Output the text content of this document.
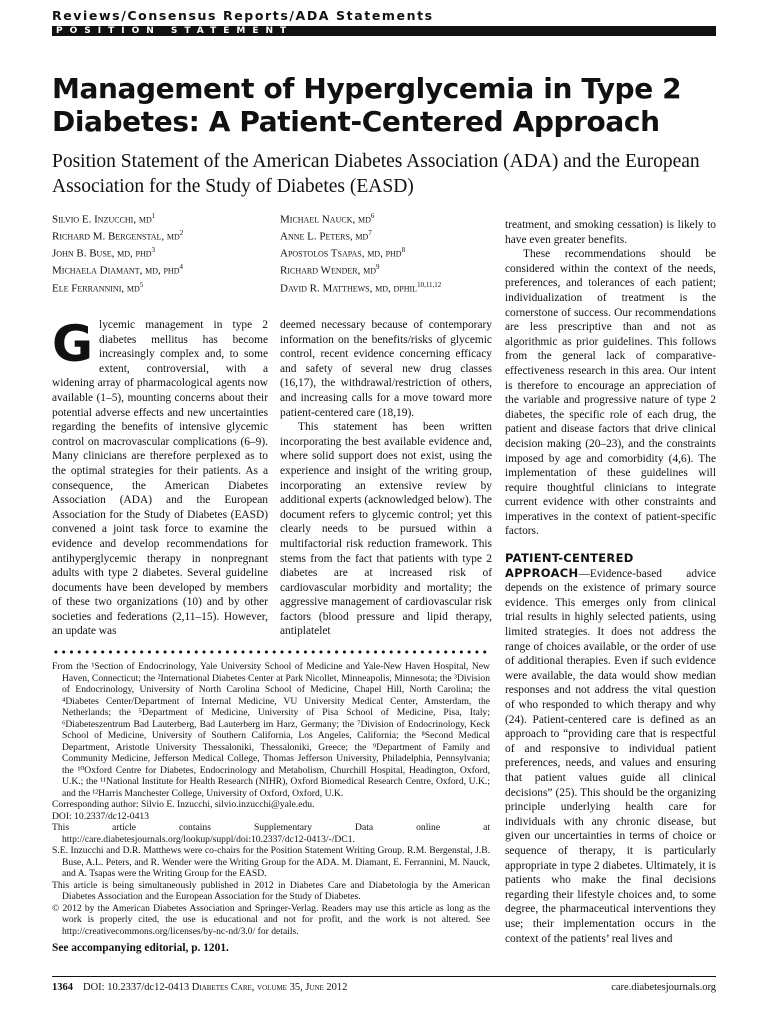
Reviews/Consensus Reports/ADA Statements
POSITION STATEMENT
Management of Hyperglycemia in Type 2 Diabetes: A Patient-Centered Approach

Position Statement of the American Diabetes Association (ADA) and the European Association for the Study of Diabetes (EASD)

Silvio E. Inzucchi, $md^1$
Richard M. Bergenstal, $md^2$
John B. Buse, md, phd$^3$
Michaela Diamant, md, phd$^4$
Ele Ferrannini, $md^5$
Michael Nauck, $md^6$
Anne L. Peters, $md^7$
Apostolos Tsapas, md, phd$^8$
Richard Wender, $md^9$
David R. Matthews, md, dphil$^{10,11,12}$

Glycemic management in type 2 diabetes mellitus has become increasingly complex and, to some extent, controversial, with a widening array of pharmacological agents now available (1–5), mounting concerns about their potential adverse effects and new uncertainties regarding the benefits of intensive glycemic control on macrovascular complications (6–9). Many clinicians are therefore perplexed as to the optimal strategies for their patients. As a consequence, the American Diabetes Association (ADA) and the European Association for the Study of Diabetes (EASD) convened a joint task force to examine the evidence and develop recommendations for antihyperglycemic therapy in nonpregnant adults with type 2 diabetes. Several guideline documents have been developed by members of these two organizations (10) and by other societies and federations (2,11–15). However, an update was

deemed necessary because of contemporary information on the benefits/risks of glycemic control, recent evidence concerning efficacy and safety of several new drug classes (16,17), the withdrawal/restriction of others, and increasing calls for a move toward more patient-centered care (18,19).

This statement has been written incorporating the best available evidence and, where solid support does not exist, using the experience and insight of the writing group, incorporating an extensive review by additional experts (acknowledged below). The document refers to glycemic control; yet this clearly needs to be pursued within a multifactorial risk reduction framework. This stems from the fact that patients with type 2 diabetes are at increased risk of cardiovascular morbidity and mortality; the aggressive management of cardiovascular risk factors (blood pressure and lipid therapy, antiplatelet

treatment, and smoking cessation) is likely to have even greater benefits.

These recommendations should be considered within the context of the needs, preferences, and tolerances of each patient; individualization of treatment is the cornerstone of success. Our recommendations are less prescriptive than and not as algorithmic as prior guidelines. This follows from the general lack of comparative-effectiveness research in this area. Our intent is therefore to encourage an appreciation of the variable and progressive nature of type 2 diabetes, the specific role of each drug, the patient and disease factors that drive clinical decision making (20–23), and the constraints imposed by age and comorbidity (4,6). The implementation of these guidelines will require thoughtful clinicians to integrate current evidence with other constraints and imperatives in the context of patient-specific factors.

PATIENT-CENTERED

APPROACH—Evidence-based advice depends on the existence of primary source evidence. This emerges only from clinical trial results in highly selected patients, using limited strategies. It does not address the range of choices available, or the order of use of additional therapies. Even if such evidence were available, the data would show median responses and not address the vital question of who responded to which therapy and why (24). Patient-centered care is defined as an approach to “providing care that is respectful of and responsive to individual patient preferences, needs, and values and ensuring that patient values guide all clinical decisions” (25). This should be the organizing principle underlying health care for individuals with any chronic disease, but given our uncertainties in terms of choice or sequence of therapy, it is particularly appropriate in type 2 diabetes. Ultimately, it is patients who make the final decisions regarding their lifestyle choices and, to some degree, the pharmaceutical interventions they use; their implementation occurs in the context of the patients’ real lives and

From the ¹Section of Endocrinology, Yale University School of Medicine and Yale-New Haven Hospital, New Haven, Connecticut; the ²International Diabetes Center at Park Nicollet, Minneapolis, Minnesota; the ³Division of Endocrinology, University of North Carolina School of Medicine, Chapel Hill, North Carolina; the ⁴Diabetes Center/Department of Internal Medicine, VU University Medical Center, Amsterdam, the Netherlands; the ⁵Department of Medicine, University of Pisa School of Medicine, Pisa, Italy; ⁶Diabeteszentrum Bad Lauterberg, Bad Lauterberg im Harz, Germany; the ⁷Division of Endocrinology, Keck School of Medicine, University of Southern California, Los Angeles, California; the ⁸Second Medical Department, Aristotle University Thessaloniki, Thessaloniki, Greece; the ⁹Department of Family and Community Medicine, Jefferson Medical College, Thomas Jefferson University, Philadelphia, Pennsylvania; the ¹⁰Oxford Centre for Diabetes, Endocrinology and Metabolism, Churchill Hospital, Headington, Oxford, U.K.; the ¹¹National Institute for Health Research (NIHR), Oxford Biomedical Research Centre, Oxford, U.K.; and the ¹²Harris Manchester College, University of Oxford, Oxford, U.K.

Corresponding author: Silvio E. Inzucchi, silvio.inzucchi@yale.edu.

DOI: 10.2337/dc12-0413

This article contains Supplementary Data online at http://care.diabetesjournals.org/lookup/suppl/doi:10.2337/dc12-0413/-/DC1.

S.E. Inzucchi and D.R. Matthews were co-chairs for the Position Statement Writing Group. R.M. Bergenstal, J.B. Buse, A.L. Peters, and R. Wender were the Writing Group for the ADA. M. Diamant, E. Ferrannini, M. Nauck, and A. Tsapas were the Writing Group for the EASD.

This article is being simultaneously published in 2012 in Diabetes Care and Diabetologia by the American Diabetes Association and the European Association for the Study of Diabetes.

© 2012 by the American Diabetes Association and Springer-Verlag. Readers may use this article as long as the work is properly cited, the use is educational and not for profit, and the work is not altered. See http://creativecommons.org/licenses/by-nc-nd/3.0/ for details.

See accompanying editorial, p. 1201.

1364 DOI: 10.2337/dc12-0413 Diabetes Care, volume 35, June 2012	care.diabetesjournals.org
